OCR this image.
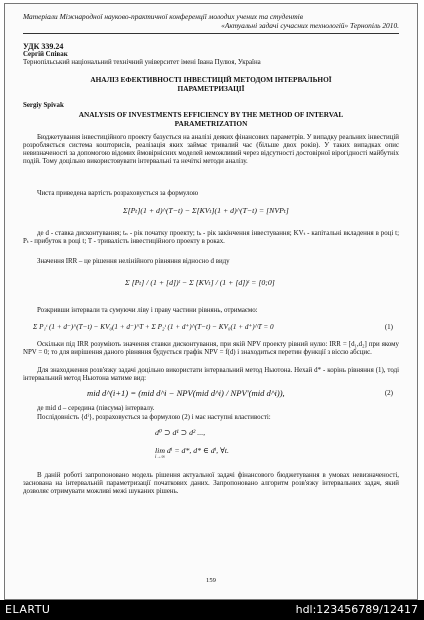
Матеріали Міжнародної науково-практичної конференції молодих учених та студентів
«Актуальні задачі сучасних технологій» Тернопіль 2010.
УДК 339.24
Сергій Співак
Тернопільський національний технічний університет імені Івана Пулюя, Україна
АНАЛІЗ ЕФЕКТИВНОСТІ ІНВЕСТИЦІЙ МЕТОДОМ ІНТЕРВАЛЬНОЇ ПАРАМЕТРИЗАЦІЇ
Sergiy Spivak
ANALYSIS OF INVESTMENTS EFFICIENCY BY THE METHOD OF INTERVAL PARAMETRIZATION
Бюджетування інвестиційного проекту базується на аналізі деяких фінансових параметрів. У випадку реальних інвестицій розробляється система кошторисів, реалізація яких займає тривалий час (більше двох років). У таких випадках опис невизначеності за допомогою відомих ймовірнісних моделей неможливий через відсутності достовірної вірогідності майбутніх подій. Тому доцільно використовувати інтервальні та нечіткі методи аналізу.
Чиста приведена вартість розраховується за формулою
Σ[Pₜ](1 + d)^(T−t) − Σ[KVₜ](1 + d)^(T−t) = [NVPₜ]
де d - ставка дисконтування; tₙ - рік початку проекту; tₖ - рік закінчення інвестування; KVₜ - капітальні вкладення в році t; Pₜ - прибуток в році t; T - тривалість інвестиційного проекту в роках.
Значення IRR – це рішення нелінійного рівняння відносно d виду
Σ [Pₜ] / (1 + [d])ᵗ − Σ [KVₜ] / (1 + [d])ᵗ = [0;0]
Розкривши інтервали та сумуючи ліву і праву частини рівнянь, отримаємо:
Σ P₁ᵗ (1 + d⁻)^(T−t) − KV₀(1 + d⁻)^T + Σ P₂ᵗ (1 + d⁺)^(T−t) − KV₀(1 + d⁺)^T = 0	(1)
Оскільки під IRR розуміють значення ставки дисконтування, при якій NPV проекту рівний нулю: IRR = [d₁,d₂] при якому NPV = 0; то для вирішення даного рівняння будується графік NPV = f(d) і знаходиться перетин функції з віссю абсцис.
Для знаходження розв'язку задачі доцільно використати інтервальний метод Ньютона. Нехай d* - корінь рівняння (1), тоді інтервальний метод Ньютона матиме вид:
mid d^(i+1) = (mid d^i − NPV(mid d^i) / NPV'(mid d^i)),	(2)
де mid d – середина (півсума) інтервалу.
Послідовність {dⁱ}, розраховується за формулою (2) і має наступні властивості:
d⁰ ⊃ d¹ ⊃ d² ...,
lim dⁱ = d*, d* ∈ dⁱ, ∀t.
i→∞
В даній роботі запропоновано модель рішення актуальної задачі фінансового бюджетування в умовах невизначеності, заснована на інтервальній параметризації початкових даних. Запропоновано алгоритм розв'язку інтервальних задач, який дозволяє отримувати можливі межі шуканих рішень.
159
ELARTU	hdl:123456789/12417
